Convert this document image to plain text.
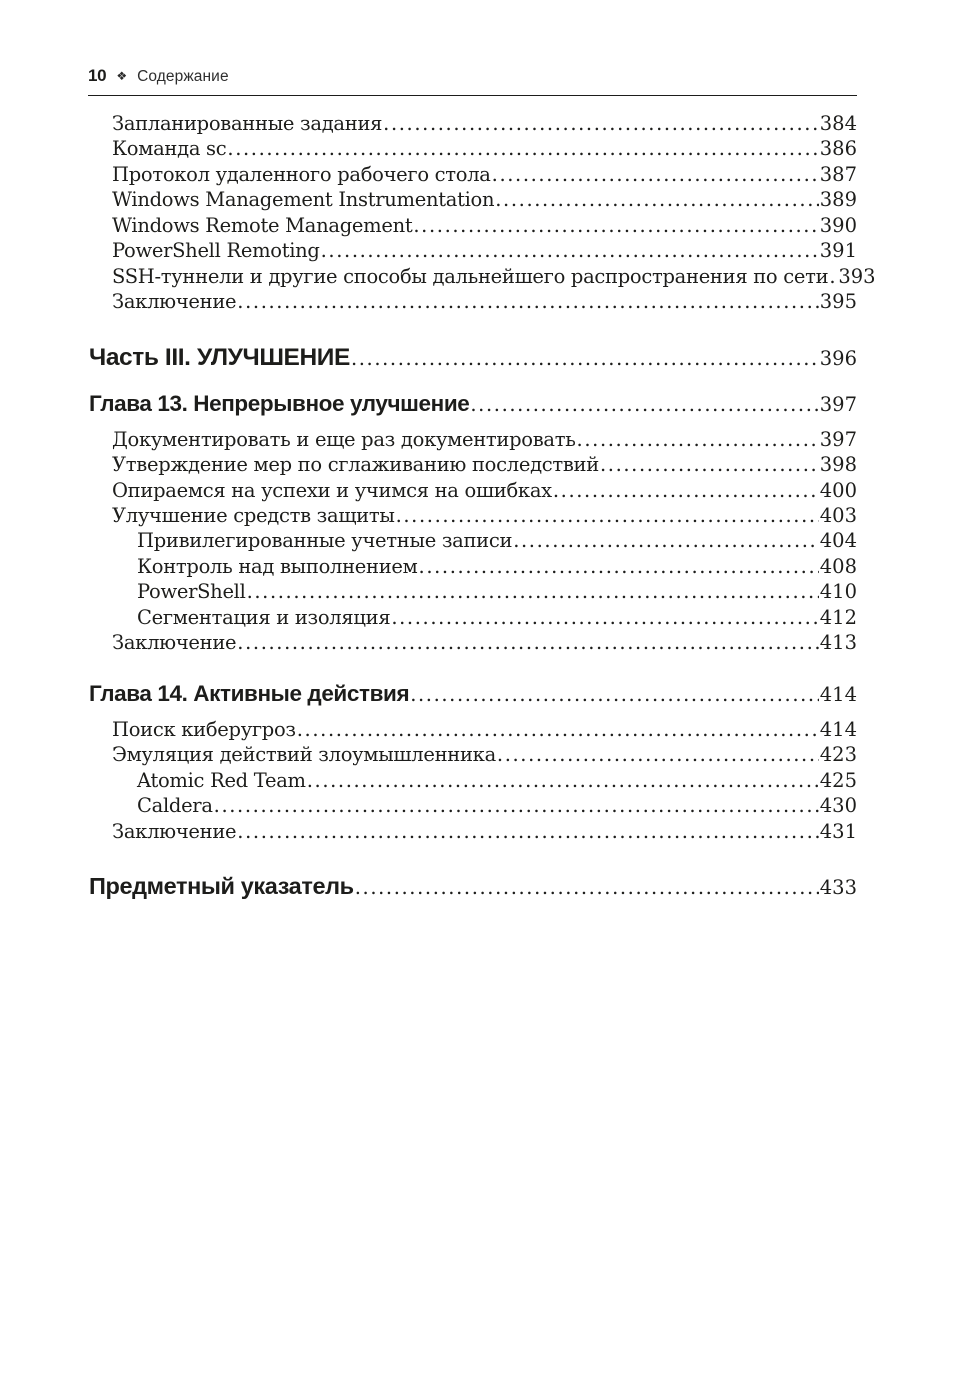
10 ❖ Содержание
Запланированные задания .....	384
Команда sc .....	386
Протокол удаленного рабочего стола .....	387
Windows Management Instrumentation .....	389
Windows Remote Management .....	390
PowerShell Remoting .....	391
SSH-туннели и другие способы дальнейшего распространения по сети ..... 393
Заключение .....	395
Часть III. УЛУЧШЕНИЕ .....	396
Глава 13. Непрерывное улучшение .....	397
Документировать и еще раз документировать .....	397
Утверждение мер по сглаживанию последствий .....	398
Опираемся на успехи и учимся на ошибках .....	400
Улучшение средств защиты .....	403
Привилегированные учетные записи .....	404
Контроль над выполнением .....	408
PowerShell .....	410
Сегментация и изоляция .....	412
Заключение .....	413
Глава 14. Активные действия .....	414
Поиск киберугроз .....	414
Эмуляция действий злоумышленника .....	423
Atomic Red Team .....	425
Caldera .....	430
Заключение .....	431
Предметный указатель .....	433
